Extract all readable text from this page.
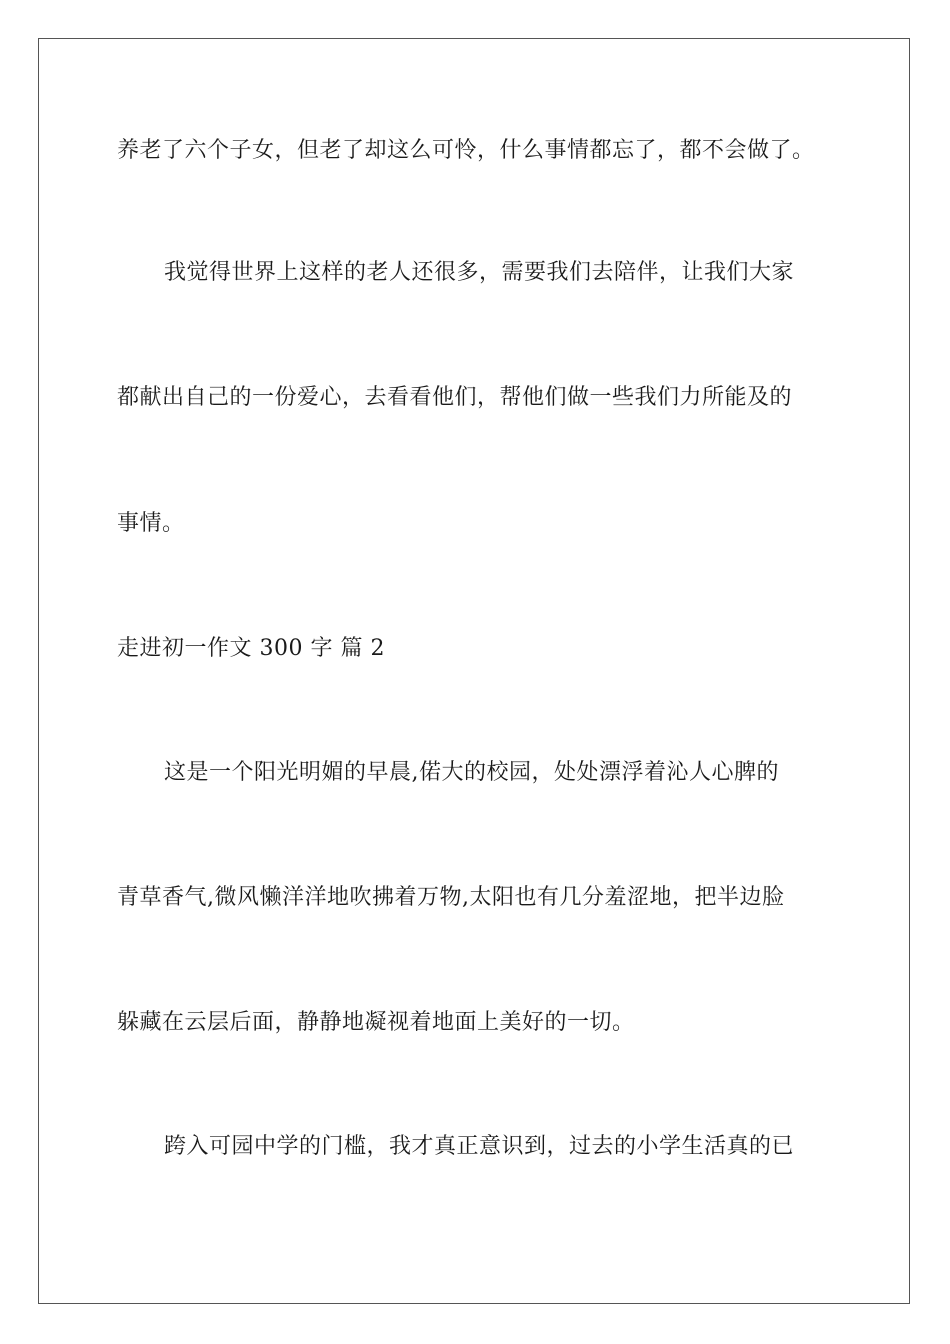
养老了六个子女，但老了却这么可怜，什么事情都忘了，都不会做了。
我觉得世界上这样的老人还很多，需要我们去陪伴，让我们大家
都献出自己的一份爱心，去看看他们，帮他们做一些我们力所能及的
事情。
走进初一作文 300 字 篇 2
这是一个阳光明媚的早晨,偌大的校园，处处漂浮着沁人心脾的
青草香气,微风懒洋洋地吹拂着万物,太阳也有几分羞涩地，把半边脸
躲藏在云层后面，静静地凝视着地面上美好的一切。
跨入可园中学的门槛，我才真正意识到，过去的小学生活真的已
